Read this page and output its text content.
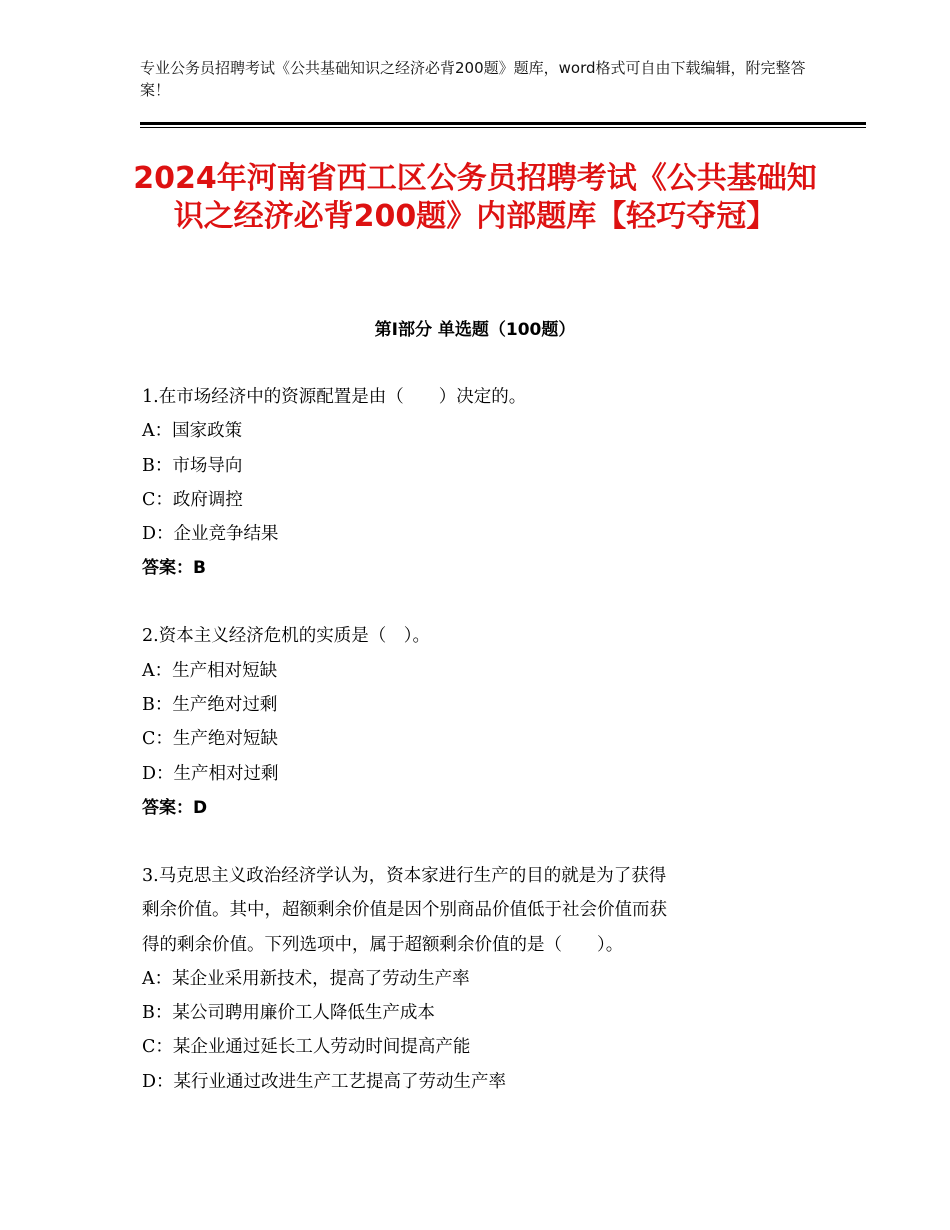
专业公务员招聘考试《公共基础知识之经济必背200题》题库，word格式可自由下载编辑，附完整答案！
2024年河南省西工区公务员招聘考试《公共基础知识之经济必背200题》内部题库【轻巧夺冠】
第Ⅰ部分 单选题（100题）
1.在市场经济中的资源配置是由（　　）决定的。
A：国家政策
B：市场导向
C：政府调控
D：企业竞争结果
答案：B
2.资本主义经济危机的实质是（　）。
A：生产相对短缺
B：生产绝对过剩
C：生产绝对短缺
D：生产相对过剩
答案：D
3.马克思主义政治经济学认为，资本家进行生产的目的就是为了获得
剩余价值。其中，超额剩余价值是因个别商品价值低于社会价值而获
得的剩余价值。下列选项中，属于超额剩余价值的是（　　）。
A：某企业采用新技术，提高了劳动生产率
B：某公司聘用廉价工人降低生产成本
C：某企业通过延长工人劳动时间提高产能
D：某行业通过改进生产工艺提高了劳动生产率
